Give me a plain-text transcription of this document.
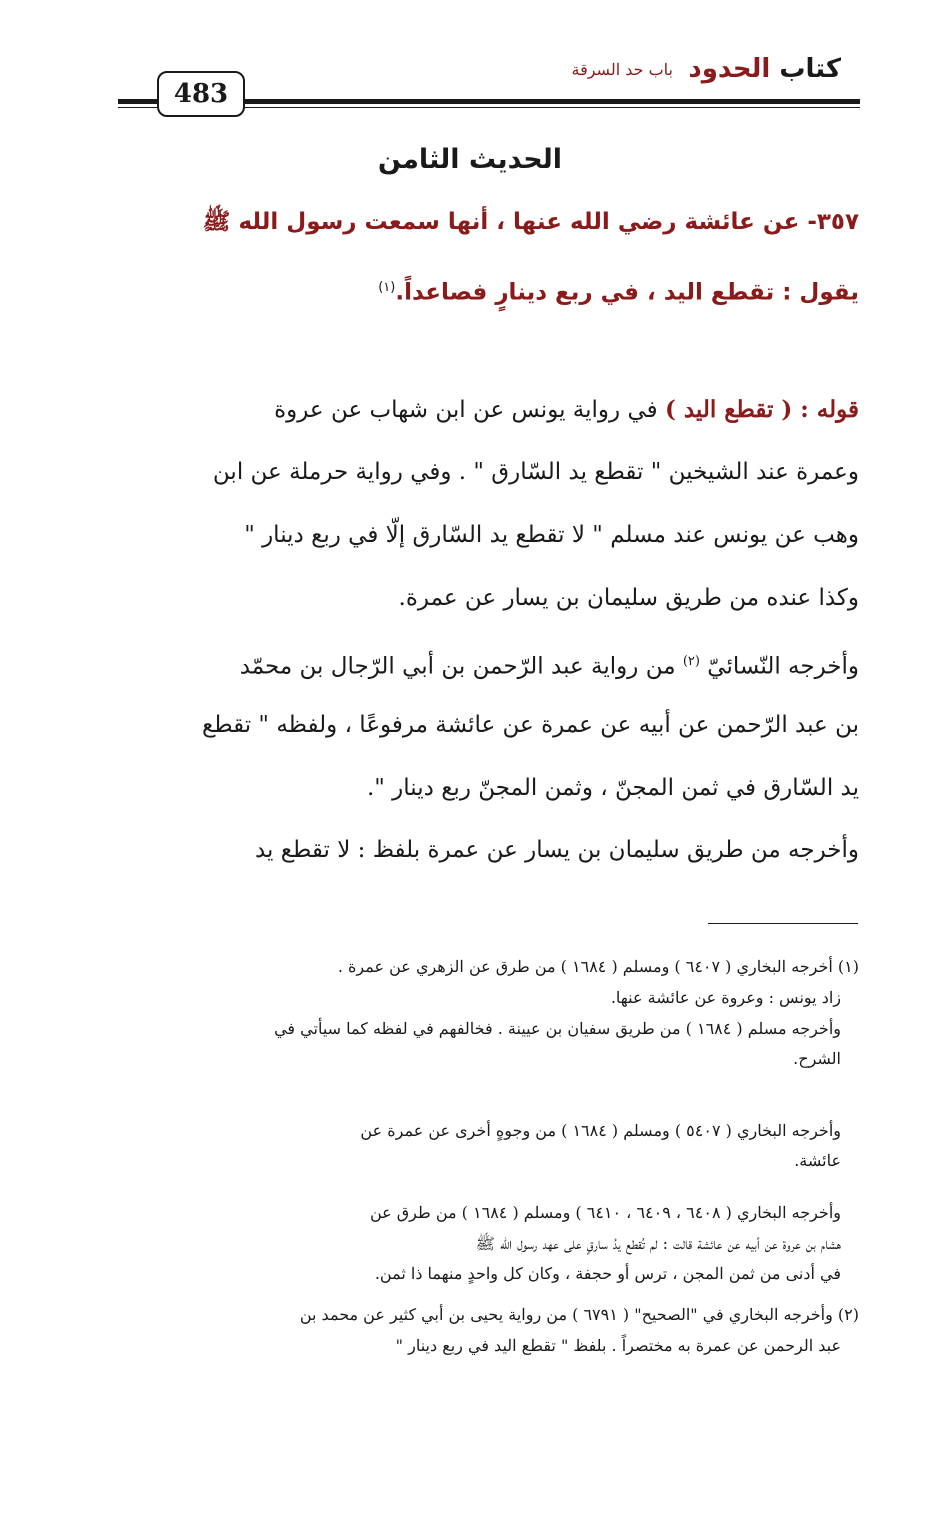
كتاب الحدود
باب حد السرقة
483
الحديث الثامن
٣٥٧- عن عائشة رضي الله عنها ، أنها سمعت رسول الله ﷺ
يقول : تقطع اليد ، في ربع دينارٍ فصاعداً.$^{(١)}$
قوله : ( تقطع اليد ) في رواية يونس عن ابن شهاب عن عروة
وعمرة عند الشيخين " تقطع يد السّارق " . وفي رواية حرملة عن ابن
وهب عن يونس عند مسلم " لا تقطع يد السّارق إلّا في ربع دينار "
وكذا عنده من طريق سليمان بن يسار عن عمرة.
وأخرجه النّسائيّ $^{(٢)}$ من رواية عبد الرّحمن بن أبي الرّجال بن محمّد
بن عبد الرّحمن عن أبيه عن عمرة عن عائشة مرفوعًا ، ولفظه " تقطع
يد السّارق في ثمن المجنّ ، وثمن المجنّ ربع دينار ".
وأخرجه من طريق سليمان بن يسار عن عمرة بلفظ : لا تقطع يد
(١) أخرجه البخاري ( ٦٤٠٧ ) ومسلم ( ١٦٨٤ ) من طرق عن الزهري عن عمرة .
زاد يونس : وعروة عن عائشة عنها.
وأخرجه مسلم ( ١٦٨٤ ) من طريق سفيان بن عيينة . فخالفهم في لفظه كما سيأتي في
الشرح.
وأخرجه البخاري ( ٥٤٠٧ ) ومسلم ( ١٦٨٤ ) من وجوهٍ أخرى عن عمرة عن
عائشة.
وأخرجه البخاري ( ٦٤٠٨ ، ٦٤٠٩ ، ٦٤١٠ ) ومسلم ( ١٦٨٤ ) من طرق عن
هشام بن عروة عن أبيه عن عائشة قالت : لم تُقطع يدُ سارقٍ على عهد رسول الله ﷺ
في أدنى من ثمن المجن ، ترس أو حجفة ، وكان كل واحدٍ منهما ذا ثمن.
(٢) وأخرجه البخاري في "الصحيح" ( ٦٧٩١ ) من رواية يحيى بن أبي كثير عن محمد بن
عبد الرحمن عن عمرة به مختصراً . بلفظ " تقطع اليد في ربع دينار "
